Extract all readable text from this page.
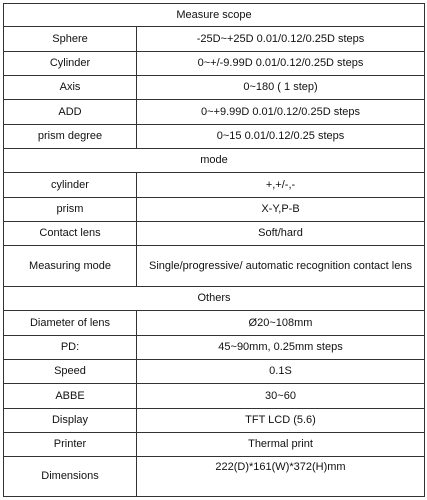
Measure scope	
Sphere	-25D~+25D 0.01/0.12/0.25D steps
Cylinder	0~+/-9.99D 0.01/0.12/0.25D steps
Axis	0~180 ( 1 step)
ADD	0~+9.99D 0.01/0.12/0.25D steps
prism degree	0~15 0.01/0.12/0.25 steps
mode	
cylinder	+,+/-,-
prism	X-Y,P-B
Contact lens	Soft/hard
Measuring mode	Single/progressive/ automatic recognition contact lens
Others	
Diameter of lens	Ø20~108mm
PD:	45~90mm, 0.25mm steps
Speed	0.1S
ABBE	30~60
Display	TFT LCD (5.6)
Printer	Thermal print
Dimensions	222(D)*161(W)*372(H)mm
